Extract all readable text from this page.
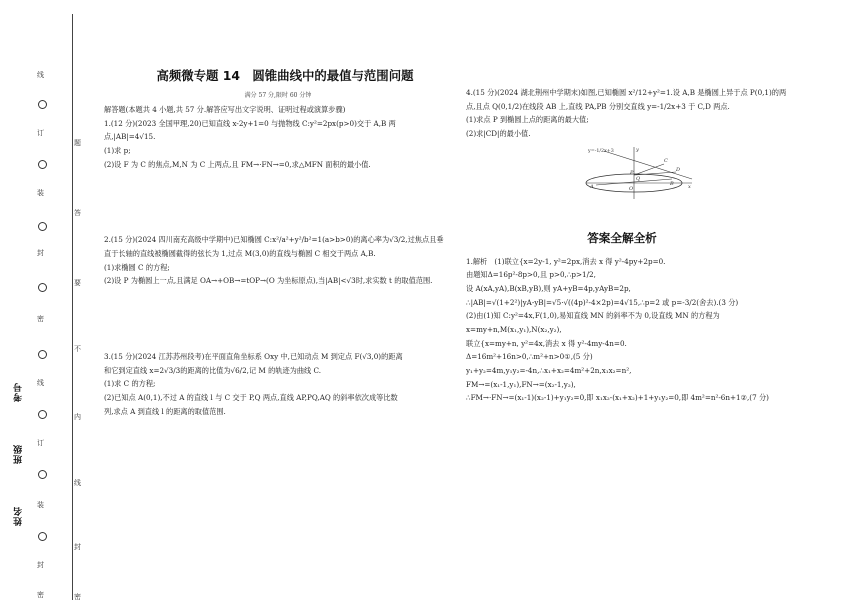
线
订
装
封
密
线
订
装
封
密
题
答
要
不
内
线
封
密
考号
班级
姓名
高频微专题 14　圆锥曲线中的最值与范围问题
满分 57 分,限时 60 分钟

解答题(本题共 4 小题,共 57 分.解答应写出文字说明、证明过程或演算步骤)

1.(12 分)(2023 全国甲理,20)已知直线 x-2y+1=0 与抛物线 C:y²=2px(p>0)交于 A,B 两

点,|AB|=4√15.

(1)求 p;

(2)设 F 为 C 的焦点,M,N 为 C 上两点,且 FM→·FN→=0,求△MFN 面积的最小值.

2.(15 分)(2024 四川南充高级中学期中)已知椭圆 C:x²/a²+y²/b²=1(a>b>0)的离心率为√3/2,过焦点且垂

直于长轴的直线被椭圆截得的弦长为 1,过点 M(3,0)的直线与椭圆 C 相交于两点 A,B.

(1)求椭圆 C 的方程;

(2)设 P 为椭圆上一点,且满足 OA→+OB→=tOP→(O 为坐标原点),当|AB|<√3时,求实数 t 的取值范围.

3.(15 分)(2024 江苏苏州段考)在平面直角坐标系 Oxy 中,已知动点 M 到定点 F(√3,0)的距离

和它到定直线 x=2√3/3的距离的比值为√6/2,记 M 的轨迹为曲线 C.

(1)求 C 的方程;

(2)已知点 A(0,1),不过 A 的直线 l 与 C 交于 P,Q 两点,直线 AP,PQ,AQ 的斜率依次成等比数

列,求点 A 到直线 l 的距离的取值范围.

4.(15 分)(2024 湖北荆州中学期末)如图,已知椭圆 x²/12+y²=1.设 A,B 是椭圆上异于点 P(0,1)的两

点,且点 Q(0,1/2)在线段 AB 上,直线 PA,PB 分别交直线 y=-1/2x+3 于 C,D 两点.

(1)求点 P 到椭圆上点的距离的最大值;

(2)求|CD|的最小值.

y=-1/2x+3
C
D
P
Q
O
A	B	x
y
答案全解全析

1.解析　(1)联立{x=2y-1, y²=2px,消去 x 得 y²-4py+2p=0.

由题知Δ=16p²-8p>0,且 p>0,∴p>1/2,

设 A(xA,yA),B(xB,yB),则 yA+yB=4p,yAyB=2p,

∴|AB|=√(1+2²)|yA-yB|=√5·√((4p)²-4×2p)=4√15,∴p=2 或 p=-3/2(舍去).(3 分)

(2)由(1)知 C:y²=4x,F(1,0),易知直线 MN 的斜率不为 0,设直线 MN 的方程为

x=my+n,M(x₁,y₁),N(x₂,y₂),

联立{x=my+n, y²=4x,消去 x 得 y²-4my-4n=0.

Δ=16m²+16n>0,∴m²+n>0①,(5 分)

y₁+y₂=4m,y₁y₂=-4n,∴x₁+x₂=4m²+2n,x₁x₂=n²,

FM→=(x₁-1,y₁),FN→=(x₂-1,y₂),

∴FM→·FN→=(x₁-1)(x₂-1)+y₁y₂=0,即 x₁x₂-(x₁+x₂)+1+y₁y₂=0,即 4m²=n²-6n+1②,(7 分)
